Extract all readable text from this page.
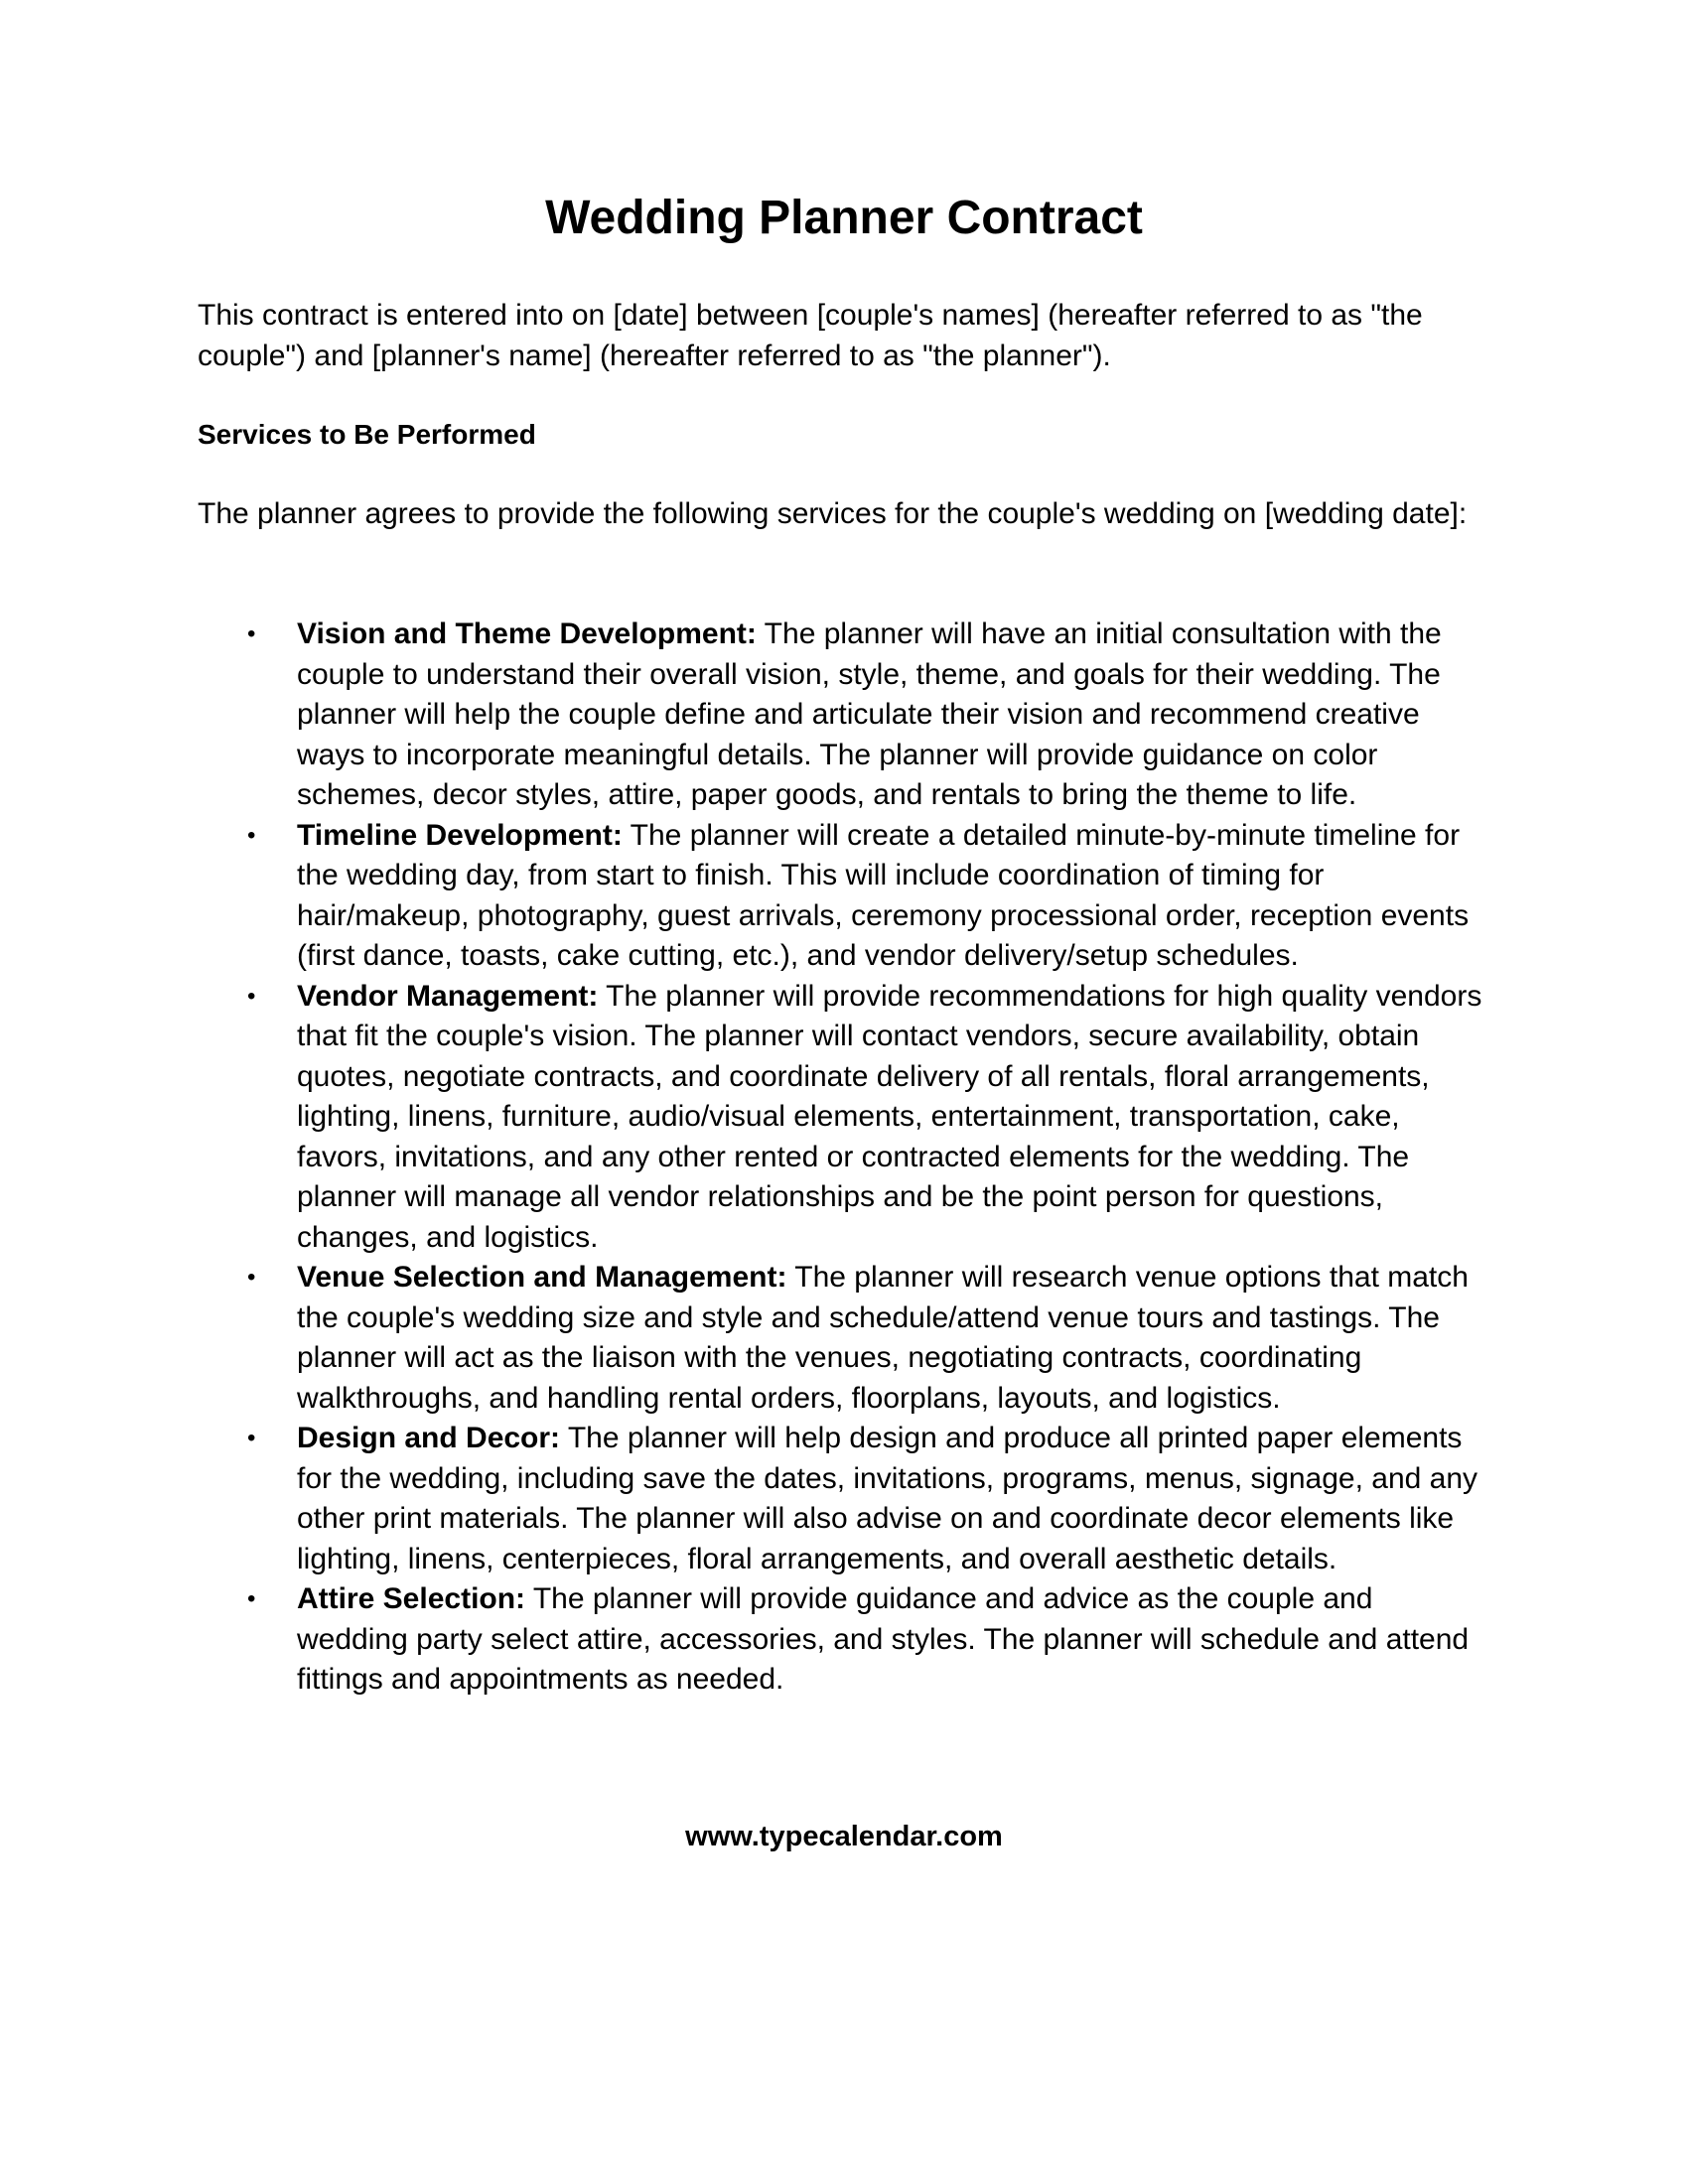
Wedding Planner Contract

This contract is entered into on [date] between [couple's names] (hereafter referred to as "the couple") and [planner's name] (hereafter referred to as "the planner").

Services to Be Performed

The planner agrees to provide the following services for the couple's wedding on [wedding date]:

•	Vision and Theme Development: The planner will have an initial consultation with the couple to understand their overall vision, style, theme, and goals for their wedding. The planner will help the couple define and articulate their vision and recommend creative ways to incorporate meaningful details. The planner will provide guidance on color schemes, decor styles, attire, paper goods, and rentals to bring the theme to life.
•	Timeline Development: The planner will create a detailed minute-by-minute timeline for the wedding day, from start to finish. This will include coordination of timing for hair/makeup, photography, guest arrivals, ceremony processional order, reception events (first dance, toasts, cake cutting, etc.), and vendor delivery/setup schedules.
•	Vendor Management: The planner will provide recommendations for high quality vendors that fit the couple's vision. The planner will contact vendors, secure availability, obtain quotes, negotiate contracts, and coordinate delivery of all rentals, floral arrangements, lighting, linens, furniture, audio/visual elements, entertainment, transportation, cake, favors, invitations, and any other rented or contracted elements for the wedding. The planner will manage all vendor relationships and be the point person for questions, changes, and logistics.
•	Venue Selection and Management: The planner will research venue options that match the couple's wedding size and style and schedule/attend venue tours and tastings. The planner will act as the liaison with the venues, negotiating contracts, coordinating walkthroughs, and handling rental orders, floorplans, layouts, and logistics.
•	Design and Decor: The planner will help design and produce all printed paper elements for the wedding, including save the dates, invitations, programs, menus, signage, and any other print materials. The planner will also advise on and coordinate decor elements like lighting, linens, centerpieces, floral arrangements, and overall aesthetic details.
•	Attire Selection: The planner will provide guidance and advice as the couple and wedding party select attire, accessories, and styles. The planner will schedule and attend fittings and appointments as needed.

www.typecalendar.com
